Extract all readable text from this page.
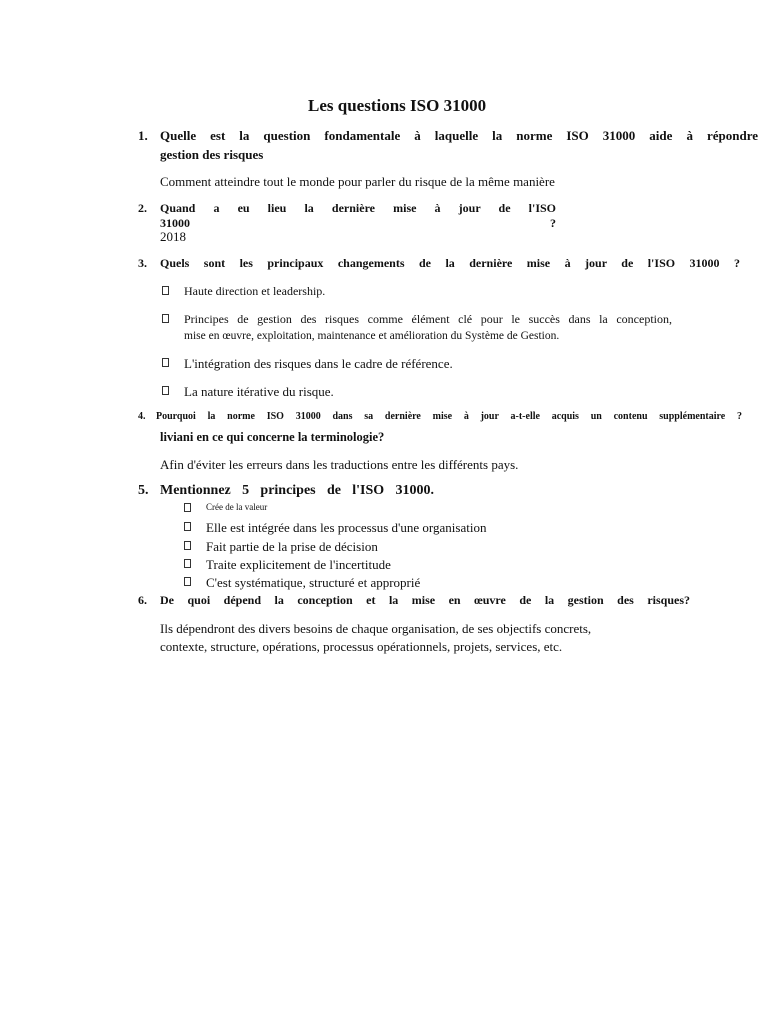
Les questions ISO 31000
1. Quelle est la question fondamentale à laquelle la norme ISO 31000 aide à répondre
gestion des risques
Comment atteindre tout le monde pour parler du risque de la même manière
2. Quand a eu lieu la dernière mise à jour de l'ISO 31000 ?
2018
3. Quels sont les principaux changements de la dernière mise à jour de l'ISO 31000 ?
Haute direction et leadership.
Principes de gestion des risques comme élément clé pour le succès dans la conception,
mise en œuvre, exploitation, maintenance et amélioration du Système de Gestion.
L'intégration des risques dans le cadre de référence.
La nature itérative du risque.
4. Pourquoi la norme ISO 31000 dans sa dernière mise à jour a-t-elle acquis un contenu supplémentaire ?
liviani en ce qui concerne la terminologie?
Afin d'éviter les erreurs dans les traductions entre les différents pays.
5. Mentionnez 5 principes de l'ISO 31000.
Crée de la valeur
Elle est intégrée dans les processus d'une organisation
Fait partie de la prise de décision
Traite explicitement de l'incertitude
C'est systématique, structuré et approprié
6. De quoi dépend la conception et la mise en œuvre de la gestion des risques?
Ils dépendront des divers besoins de chaque organisation, de ses objectifs concrets,
contexte, structure, opérations, processus opérationnels, projets, services, etc.
